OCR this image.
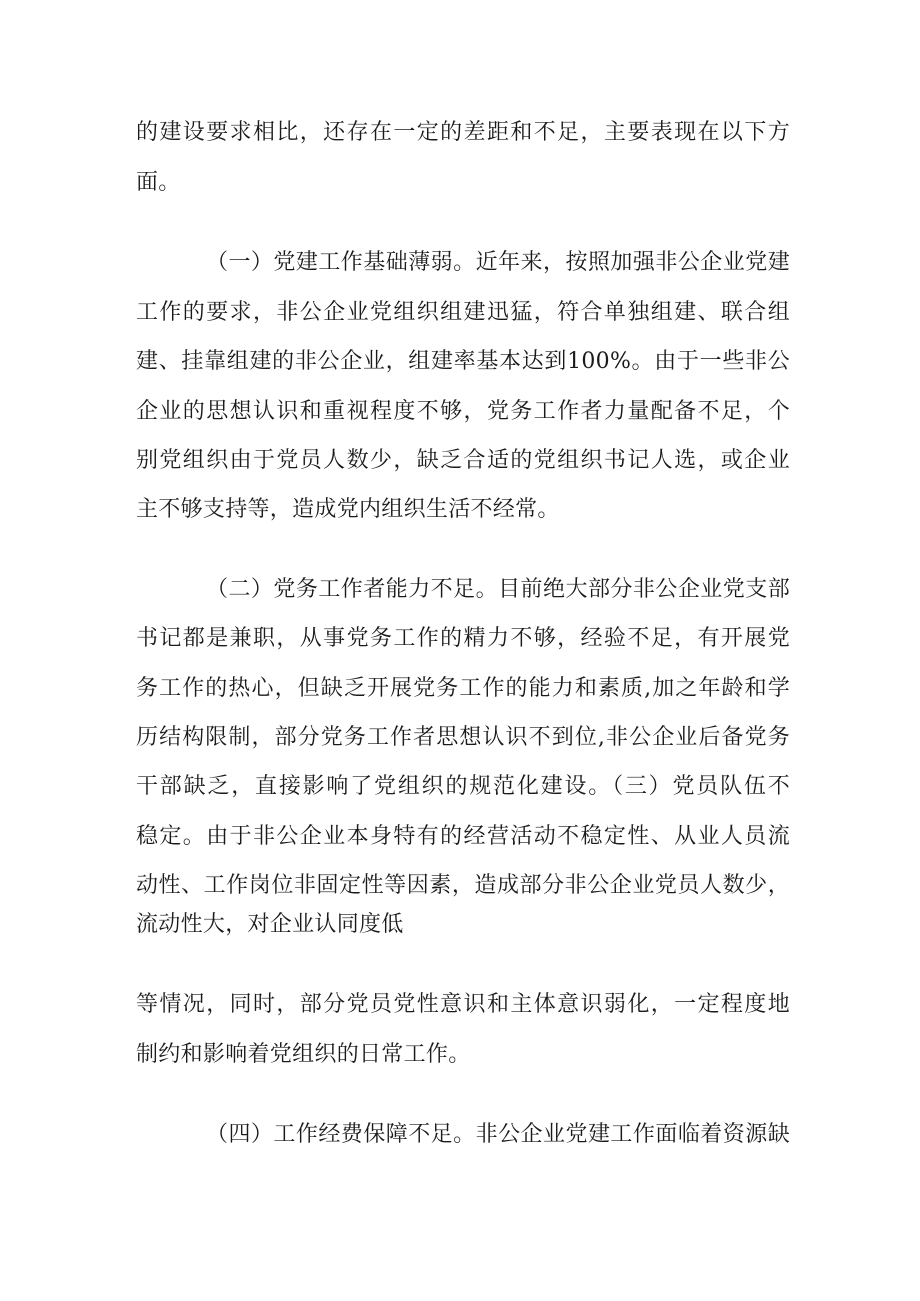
的建设要求相比，还存在一定的差距和不足，主要表现在以下方
面。
（一）党建工作基础薄弱。近年来，按照加强非公企业党建
工作的要求，非公企业党组织组建迅猛，符合单独组建、联合组
建、挂靠组建的非公企业，组建率基本达到100%。由于一些非公
企业的思想认识和重视程度不够，党务工作者力量配备不足，个
别党组织由于党员人数少，缺乏合适的党组织书记人选，或企业
主不够支持等，造成党内组织生活不经常。
（二）党务工作者能力不足。目前绝大部分非公企业党支部
书记都是兼职，从事党务工作的精力不够，经验不足，有开展党
务工作的热心，但缺乏开展党务工作的能力和素质,加之年龄和学
历结构限制，部分党务工作者思想认识不到位,非公企业后备党务
干部缺乏，直接影响了党组织的规范化建设。（三）党员队伍不
稳定。由于非公企业本身特有的经营活动不稳定性、从业人员流
动性、工作岗位非固定性等因素，造成部分非公企业党员人数少，
流动性大，对企业认同度低
等情况，同时，部分党员党性意识和主体意识弱化，一定程度地
制约和影响着党组织的日常工作。
（四）工作经费保障不足。非公企业党建工作面临着资源缺
